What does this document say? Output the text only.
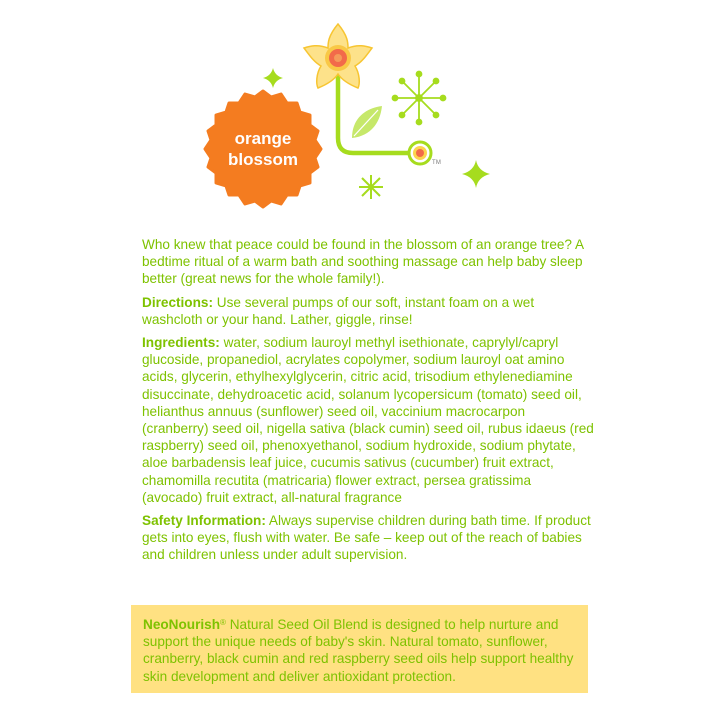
orange
blossom	TM

Who knew that peace could be found in the blossom of an orange tree? A bedtime ritual of a warm bath and soothing massage can help baby sleep better (great news for the whole family!).

Directions: Use several pumps of our soft, instant foam on a wet washcloth or your hand. Lather, giggle, rinse!

Ingredients: water, sodium lauroyl methyl isethionate, caprylyl/capryl glucoside, propanediol, acrylates copolymer, sodium lauroyl oat amino acids, glycerin, ethylhexylglycerin, citric acid, trisodium ethylenediamine disuccinate, dehydroacetic acid, solanum lycopersicum (tomato) seed oil, helianthus annuus (sunflower) seed oil, vaccinium macrocarpon (cranberry) seed oil, nigella sativa (black cumin) seed oil, rubus idaeus (red raspberry) seed oil, phenoxyethanol, sodium hydroxide, sodium phytate, aloe barbadensis leaf juice, cucumis sativus (cucumber) fruit extract, chamomilla recutita (matricaria) flower extract, persea gratissima (avocado) fruit extract, all-natural fragrance

Safety Information: Always supervise children during bath time. If product gets into eyes, flush with water. Be safe – keep out of the reach of babies and children unless under adult supervision.

NeoNourish® Natural Seed Oil Blend is designed to help nurture and support the unique needs of baby's skin. Natural tomato, sunflower, cranberry, black cumin and red raspberry seed oils help support healthy skin development and deliver antioxidant protection.
